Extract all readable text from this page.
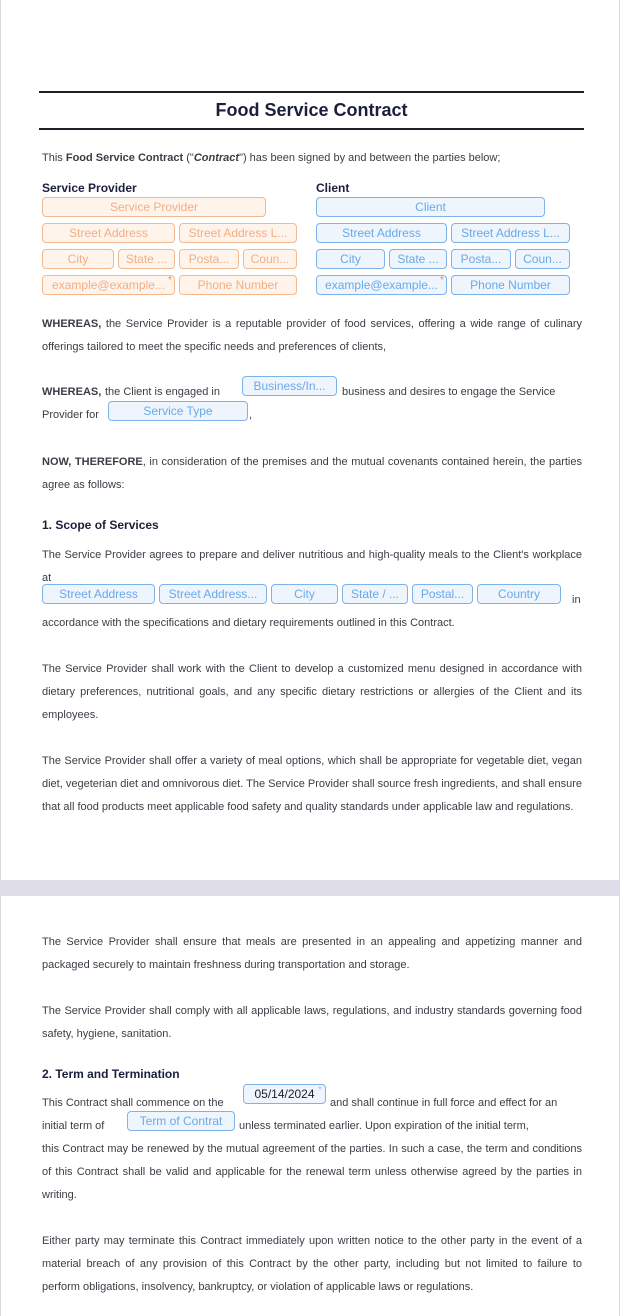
Food Service Contract
This Food Service Contract ("Contract") has been signed by and between the parties below;
Service Provider
Service Provider
Street Address	Street Address L...
City	State ...	Posta...	Coun...
example@example... *	Phone Number
Client
Client
Street Address	Street Address L...
City	State ...	Posta...	Coun...
example@example... *	Phone Number
WHEREAS, the Service Provider is a reputable provider of food services, offering a wide range of culinary offerings tailored to meet the specific needs and preferences of clients,
WHEREAS, the Client is engaged in	Business/In...	business and desires to engage the Service
Provider for	Service Type	,
NOW, THEREFORE, in consideration of the premises and the mutual covenants contained herein, the parties agree as follows:
1. Scope of Services
The Service Provider agrees to prepare and deliver nutritious and high-quality meals to the Client's workplace at
Street Address	Street Address...	City	State / ...	Postal...	Country	in
accordance with the specifications and dietary requirements outlined in this Contract.
The Service Provider shall work with the Client to develop a customized menu designed in accordance with dietary preferences, nutritional goals, and any specific dietary restrictions or allergies of the Client and its employees.
The Service Provider shall offer a variety of meal options, which shall be appropriate for vegetable diet, vegan diet, vegeterian diet and omnivorous diet. The Service Provider shall source fresh ingredients, and shall ensure that all food products meet applicable food safety and quality standards under applicable law and regulations.
The Service Provider shall ensure that meals are presented in an appealing and appetizing manner and packaged securely to maintain freshness during transportation and storage.
The Service Provider shall comply with all applicable laws, regulations, and industry standards governing food safety, hygiene, sanitation.
2. Term and Termination
This Contract shall commence on the
05/14/2024 *
and shall continue in full force and effect for an
initial term of	Term of Contrat	unless terminated earlier. Upon expiration of the initial term,
this Contract may be renewed by the mutual agreement of the parties. In such a case, the term and conditions of this Contract shall be valid and applicable for the renewal term unless otherwise agreed by the parties in writing.
Either party may terminate this Contract immediately upon written notice to the other party in the event of a material breach of any provision of this Contract by the other party, including but not limited to failure to perform obligations, insolvency, bankruptcy, or violation of applicable laws or regulations.
